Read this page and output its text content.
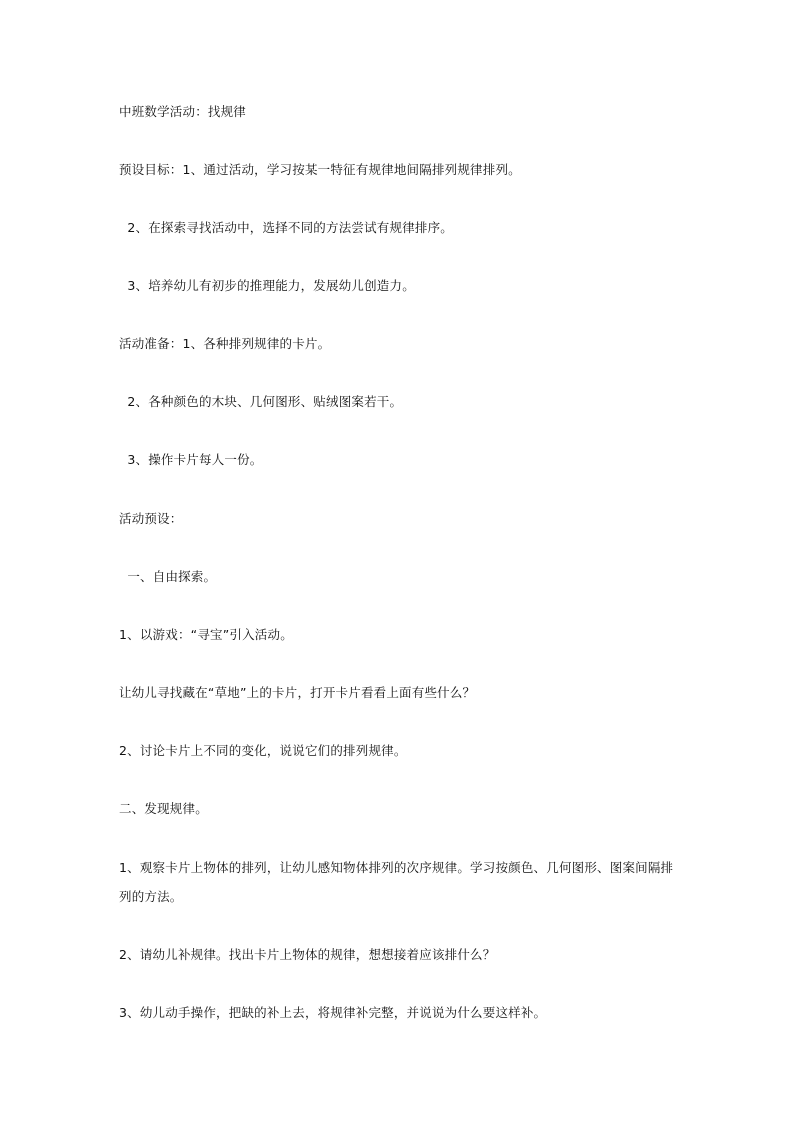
中班数学活动：找规律
预设目标：1、通过活动，学习按某一特征有规律地间隔排列规律排列。
2、在探索寻找活动中，选择不同的方法尝试有规律排序。
3、培养幼儿有初步的推理能力，发展幼儿创造力。
活动准备：1、各种排列规律的卡片。
2、各种颜色的木块、几何图形、贴绒图案若干。
3、操作卡片每人一份。
活动预设：
一、自由探索。
1、以游戏：“寻宝”引入活动。
让幼儿寻找藏在“草地”上的卡片，打开卡片看看上面有些什么？
2、讨论卡片上不同的变化，说说它们的排列规律。
二、发现规律。
1、观察卡片上物体的排列，让幼儿感知物体排列的次序规律。学习按颜色、几何图形、图案间隔排列的方法。
2、请幼儿补规律。找出卡片上物体的规律，想想接着应该排什么？
3、幼儿动手操作，把缺的补上去，将规律补完整，并说说为什么要这样补。
